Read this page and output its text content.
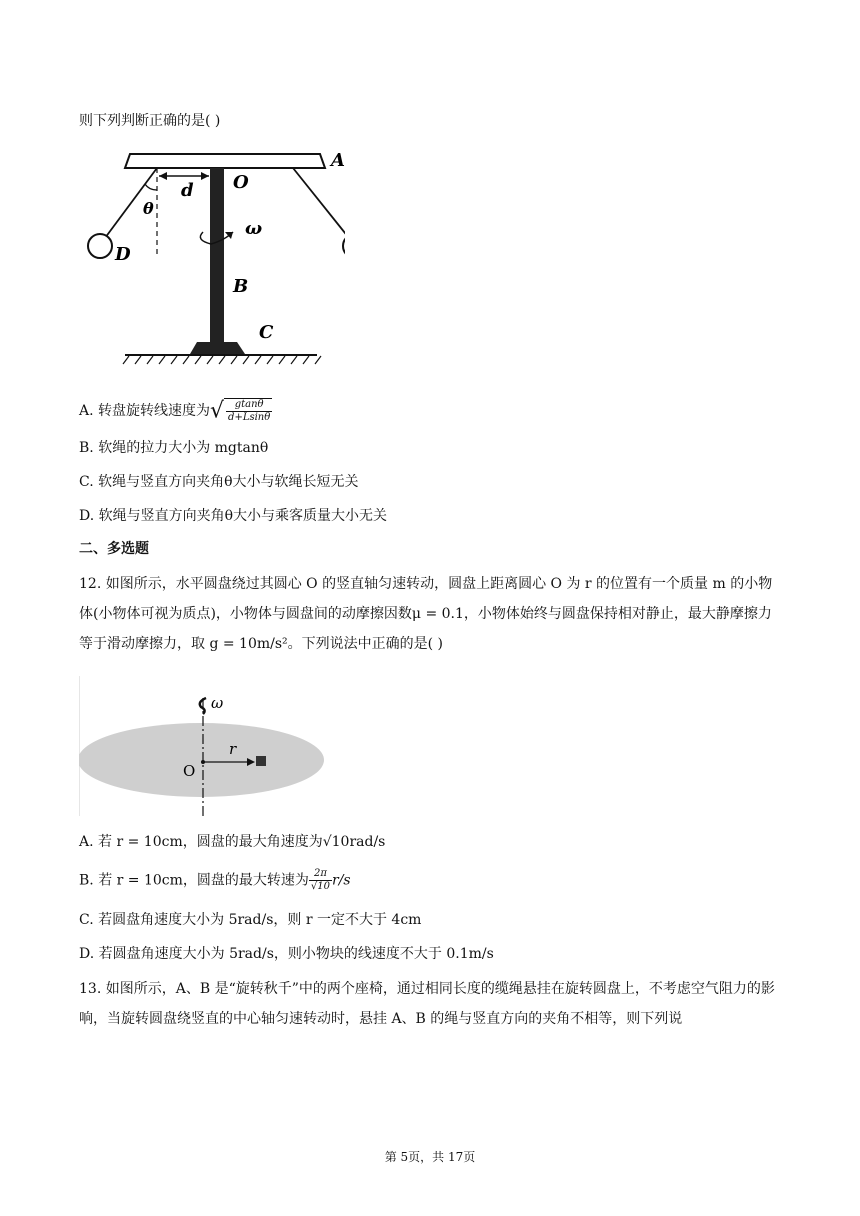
则下列判断正确的是( )
A
O
d
θ
ω
B
C
D
A. 转盘旋转线速度为√ $\frac{gtan\theta}{d+Lsin\theta}$
B. 软绳的拉力大小为 mgtanθ
C. 软绳与竖直方向夹角θ大小与软绳长短无关
D. 软绳与竖直方向夹角θ大小与乘客质量大小无关
二、多选题
12. 如图所示，水平圆盘绕过其圆心 O 的竖直轴匀速转动，圆盘上距离圆心 O 为 r 的位置有一个质量 m 的小物体(小物体可视为质点)，小物体与圆盘间的动摩擦因数μ = 0.1，小物体始终与圆盘保持相对静止，最大静摩擦力等于滑动摩擦力，取 g = 10m/s²。下列说法中正确的是( )
ω
r
O
A. 若 r = 10cm，圆盘的最大角速度为√10rad/s
B. 若 r = 10cm，圆盘的最大转速为 $\frac{2\pi}{√10} r/s$
C. 若圆盘角速度大小为 5rad/s，则 r 一定不大于 4cm
D. 若圆盘角速度大小为 5rad/s，则小物块的线速度不大于 0.1m/s
13. 如图所示，A、B 是“旋转秋千”中的两个座椅，通过相同长度的缆绳悬挂在旋转圆盘上，不考虑空气阻力的影响，当旋转圆盘绕竖直的中心轴匀速转动时，悬挂 A、B 的绳与竖直方向的夹角不相等，则下列说
第 5页，共 17页
